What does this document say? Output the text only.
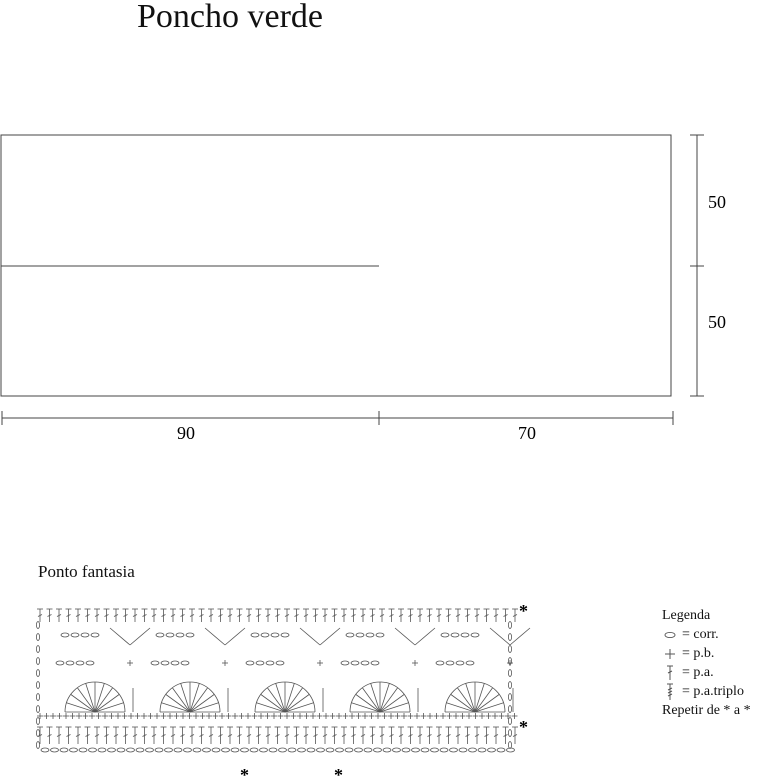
Poncho verde
50
50
90	70
*
*
*	*
Ponto fantasia
Legenda
= corr.
= p.b.
= p.a.
= p.a.triplo
Repetir de * a *
